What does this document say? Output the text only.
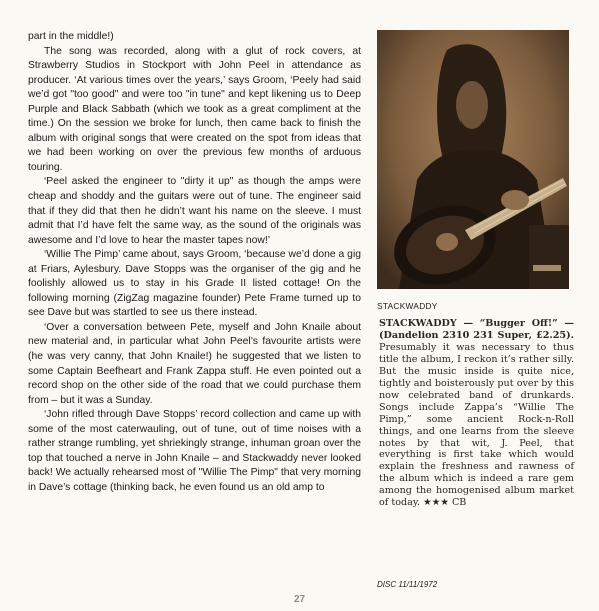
part in the middle!)

The song was recorded, along with a glut of rock covers, at Strawberry Studios in Stockport with John Peel in attendance as producer. ‘At various times over the years,’ says Groom, ‘Peely had said we’d got "too good" and were too "in tune" and kept likening us to Deep Purple and Black Sabbath (which we took as a great compliment at the time.) On the session we broke for lunch, then came back to finish the album with original songs that were created on the spot from ideas that we had been working on over the previous few months of arduous touring.

‘Peel asked the engineer to "dirty it up" as though the amps were cheap and shoddy and the guitars were out of tune. The engineer said that if they did that then he didn’t want his name on the sleeve. I must admit that I’d have felt the same way, as the sound of the originals was awesome and I’d love to hear the master tapes now!’

‘Willie The Pimp’ came about, says Groom, ‘because we’d done a gig at Friars, Aylesbury. Dave Stopps was the organiser of the gig and he foolishly allowed us to stay in his Grade II listed cottage! On the following morning (ZigZag magazine founder) Pete Frame turned up to see Dave but was startled to see us there instead.

‘Over a conversation between Pete, myself and John Knaile about new material and, in particular what John Peel’s favourite artists were (he was very canny, that John Knaile!) he suggested that we listen to some Captain Beefheart and Frank Zappa stuff. He even pointed out a record shop on the other side of the road that we could purchase them from – but it was a Sunday.

‘John rifled through Dave Stopps’ record collection and came up with some of the most caterwauling, out of tune, out of time noises with a rather strange rumbling, yet shriekingly strange, inhuman groan over the top that touched a nerve in John Knaile – and Stackwaddy never looked back! We actually rehearsed most of "Willie The Pimp" that very morning in Dave’s cottage (thinking back, he even found us an old amp to

STACKWADDY
STACKWADDY — “Bugger Off!” — (Dandelion 2310 231 Super, £2.25). Presumably it was necessary to thus title the album, I reckon it’s rather silly. But the music inside is quite nice, tightly and boisterously put over by this now celebrated band of drunkards. Songs include Zappa’s “Willie The Pimp,” some ancient Rock-n-Roll things, and one learns from the sleeve notes by that wit, J. Peel, that everything is first take which would explain the freshness and rawness of the album which is indeed a rare gem among the homogenised album market of today. ★★★ CB
DISC 11/11/1972
27
